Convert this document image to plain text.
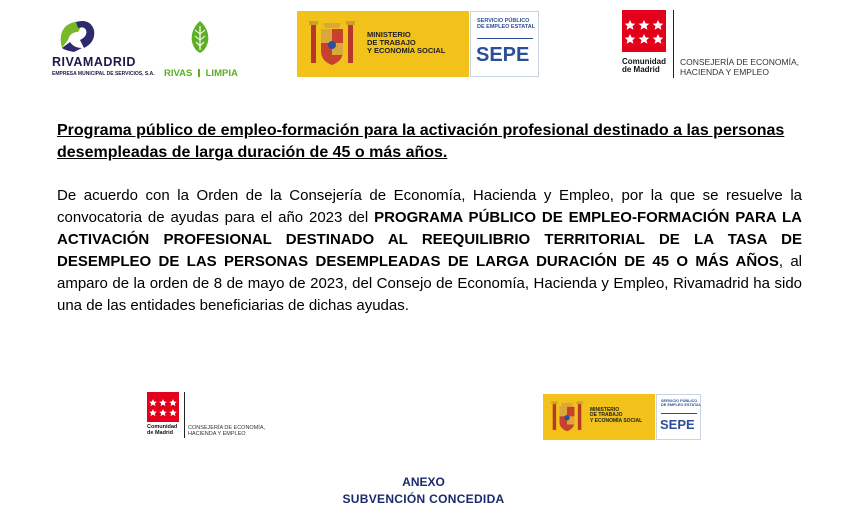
RIVAMADRID
EMPRESA MUNICIPAL DE SERVICIOS, S.A. RIVAS LIMPIA
MINISTERIO
DE TRABAJO
Y ECONOMÍA SOCIAL
SERVICIO PÚBLICO
DE EMPLEO ESTATAL
SEPE	Comunidad
de Madrid
CONSEJERÍA DE ECONOMÍA,
HACIENDA Y EMPLEO

Programa público de empleo-formación para la activación profesional destinado a las personas desempleadas de larga duración de 45 o más años.

De acuerdo con la Orden de la Consejería de Economía, Hacienda y Empleo, por la que se resuelve la convocatoria de ayudas para el año 2023 del PROGRAMA PÚBLICO DE EMPLEO-FORMACIÓN PARA LA ACTIVACIÓN PROFESIONAL DESTINADO AL REEQUILIBRIO TERRITORIAL DE LA TASA DE DESEMPLEO DE LAS PERSONAS DESEMPLEADAS DE LARGA DURACIÓN DE 45 O MÁS AÑOS, al amparo de la orden de 8 de mayo de 2023, del Consejo de Economía, Hacienda y Empleo, Rivamadrid ha sido una de las entidades beneficiarias de dichas ayudas.

Comunidad
de Madrid
CONSEJERÍA DE ECONOMÍA,
HACIENDA Y EMPLEO
MINISTERIO
DE TRABAJO
Y ECONOMÍA SOCIAL
SERVICIO PÚBLICO
DE EMPLEO ESTATAL
SEPE
ANEXO
SUBVENCIÓN CONCEDIDA
